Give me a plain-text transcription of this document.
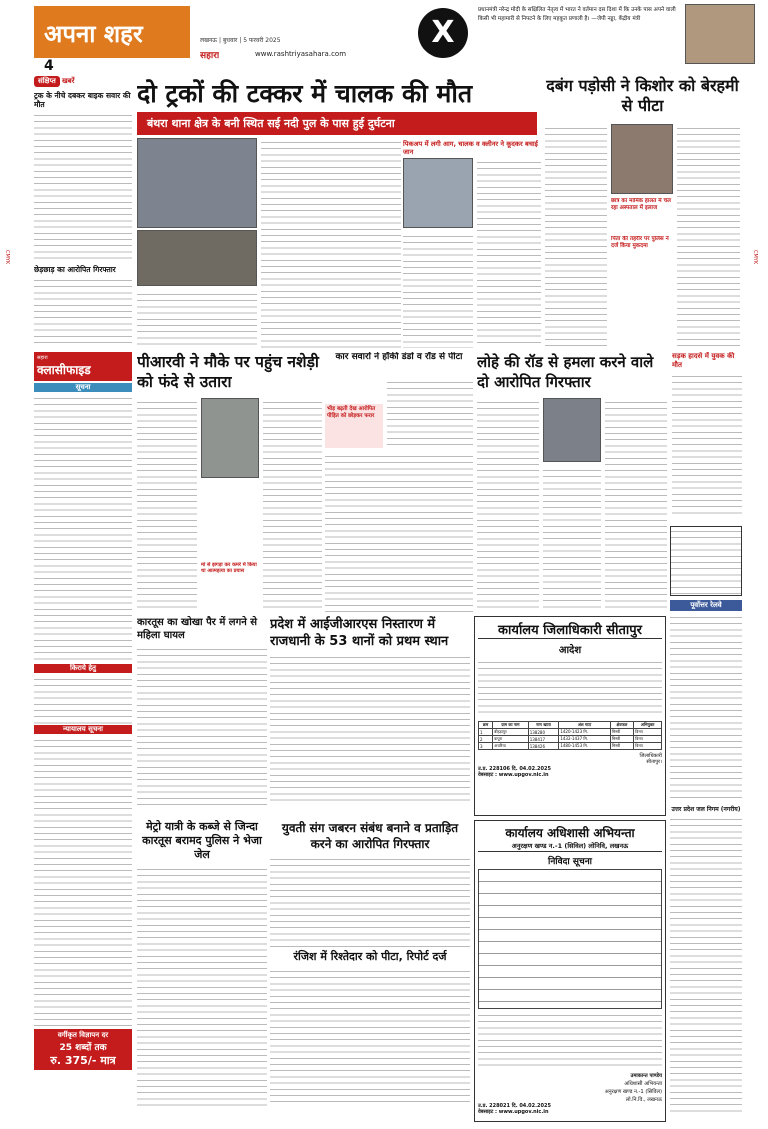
अपना शहर
4
लखनऊ | बुधवार | 5 फरवरी 2025
सहारा	www.rashtriyasahara.com
X
प्रधानमंत्री नरेन्द्र मोदी के सक्षिलित नेतृत्व में भारत ने वर्तमान दस दिशा में कि उनके पास अपने वाली किसी भी महामारी से निपटने के लिए महकूत प्रणाली है। —जेपी नड्डा, केंद्रीय मंत्री
संक्षिप्त खबरें
ट्रक के नीचे दबकर बाइक सवार की मौत
छेड़छाड़ का आरोपित गिरफ्तार
दो ट्रकों की टक्कर में चालक की मौत
बंथरा थाना क्षेत्र के बनी स्थित सई नदी पुल के पास हुई दुर्घटना
पिकअप में लगी आग, चालक व क्लीनर ने कूदकर बचाई जान
दबंग पड़ोसी ने किशोर को बेरहमी से पीटा
छात्र का मामिक हालत में चल रहा अस्पताल में इलाज
पिता की तहरीर पर पुलिस ने दर्ज किया मुकदमा
सहारा
क्लासीफाइड
सूचना
किराये हेतु
न्यायालय सूचना
वर्गीकृत विज्ञापन दर
25 शब्दों तक
रु. 375/- मात्र
पीआरवी ने मौके पर पहुंच नशेड़ी को फंदे से उतारा
मां से झगड़ा कर कमरे में किया था आत्महत्या का प्रयास
कार सवारों ने हॉकी डंडों व रॉड से पीटा
भीड़ बढ़ती देख आरोपित पीड़ित को छोड़कर फरार
लोहे की रॉड से हमला करने वाले दो आरोपित गिरफ्तार
सड़क हादसे में युवक की मौत
कारतूस का खोखा पैर में लगने से महिला घायल
प्रदेश में आईजीआरएस निस्तारण में राजधानी के 53 थानों को प्रथम स्थान
मेट्रो यात्री के कब्जे से जिन्दा कारतूस बरामद पुलिस ने भेजा जेल
युवती संग जबरन संबंध बनाने व प्रताड़ित करने का आरोपित गिरफ्तार
रंजिश में रिश्तेदार को पीटा, रिपोर्ट दर्ज
कार्यालय जिलाधिकारी सीतापुर
आदेश
क्रम	ग्राम का नाम	नाम खाता	अंश गाटा	क्षेत्रफल	अभियुक्त
1	बीहड़ापुर	138280	1420-1423 मि.	मिस्त्री	विनय
2	कपूरा	138417	1432-1437 मि.	मिस्त्री	विनय
3	अचरिया	138426	1480-1453 मि.	मिस्त्री	विनय
जिलाधिकारी
सीतापुर।
उ.प्र. 228106 दि. 04.02.2025
वेबसाइट : www.upgov.nic.in
कार्यालय अधिशासी अभियन्ता
अनुरक्षण खण्ड न.-1 (सिविल) लोनिवि, लखनऊ
निविदा सूचना
उमाकान्त पाण्डेय
अधिशासी अभियन्ता
अनुरक्षण खण्ड न.-1 (सिविल)
लो.नि.वि., लखनऊ
उ.प्र. 228021 दि. 04.02.2025
वेबसाइट : www.upgov.nic.in
पूर्वोत्तर रेलवे
उत्तर प्रदेश जल निगम (नगरीय)
CMYK	CMYK
